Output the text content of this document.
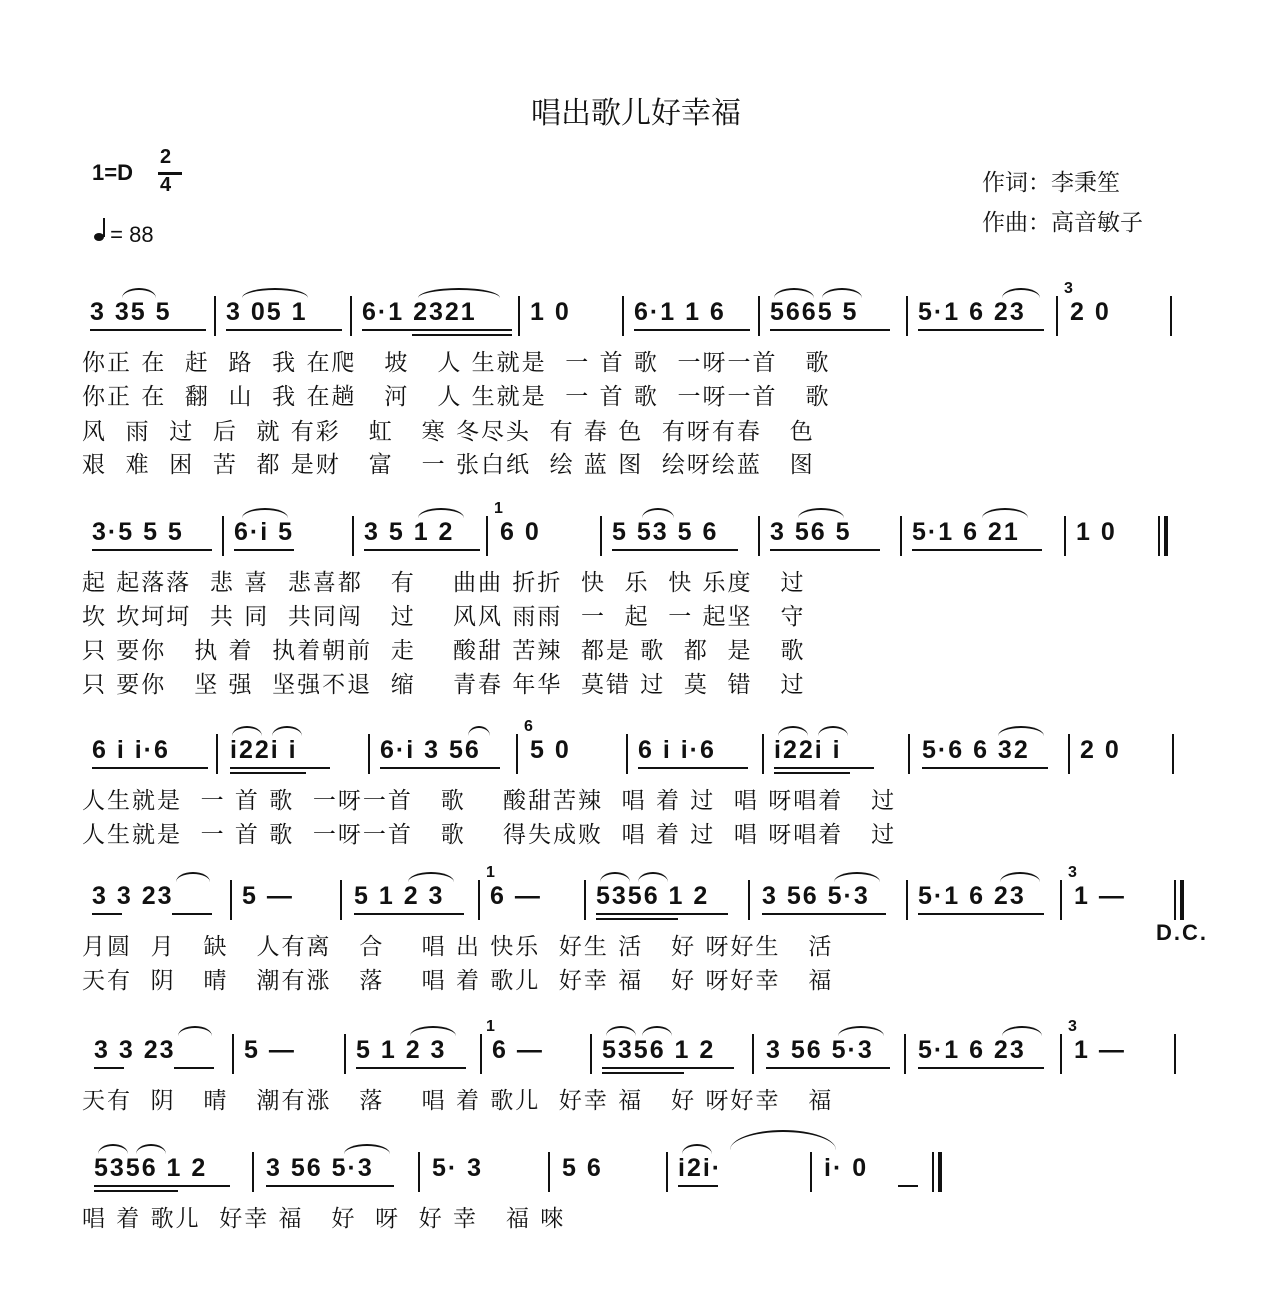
唱出歌儿好幸福
1=D
2
4
= 88
作词：李秉笙
作曲：高音敏子
3 35 5 3 05 1 6·1 2321 1 0	6·1 1 6 5665 5 5·1 6 23
3
2 0
你正 在  赶  路  我 在爬   坡   人 生就是  一 首 歌  一呀一首   歌
你正 在  翻  山  我 在趟   河   人 生就是  一 首 歌  一呀一首   歌
风  雨  过  后  就 有彩   虹   寒 冬尽头  有 春 色  有呀有春   色
艰  难  困  苦  都 是财   富   一 张白纸  绘 蓝 图  绘呀绘蓝   图
3·5 5 5 6·i 5	3 5 1 2
1
6 0	5 53 5 6 3 56 5 5·1 6 21 1 0
起 起落落  悲 喜  悲喜都   有    曲曲 折折  快  乐  快 乐度   过
坎 坎坷坷  共 同  共同闯   过    风风 雨雨  一  起  一 起坚   守
只 要你   执 着  执着朝前  走    酸甜 苦辣  都是 歌  都  是   歌
只 要你   坚 强  坚强不退  缩    青春 年华  莫错 过  莫  错   过
6 i i·6 i22i i	6·i 3 56
6
5 0	6 i i·6 i22i i	5·6 6 32 2 0
人生就是  一 首 歌  一呀一首   歌    酸甜苦辣  唱 着 过  唱 呀唱着   过
人生就是  一 首 歌  一呀一首   歌    得失成败  唱 着 过  唱 呀唱着   过
3 3 23	5 — 5 1 2 3
1
6 — 5356 1 2 3 56 5·3 5·1 6 23
3
1 —
D.C.
月圆  月   缺   人有离   合    唱 出 快乐  好生 活   好 呀好生   活
天有  阴   晴   潮有涨   落    唱 着 歌儿  好幸 福   好 呀好幸   福
3 3 23	5 — 5 1 2 3
1
6 — 5356 1 2 3 56 5·3 5·1 6 23
3
1 —
天有  阴   晴   潮有涨   落    唱 着 歌儿  好幸 福   好 呀好幸   福
5356 1 2 3 56 5·3 5· 3	5 6	i2i·	i· 0
唱 着 歌儿  好幸 福   好  呀  好 幸   福 唻
